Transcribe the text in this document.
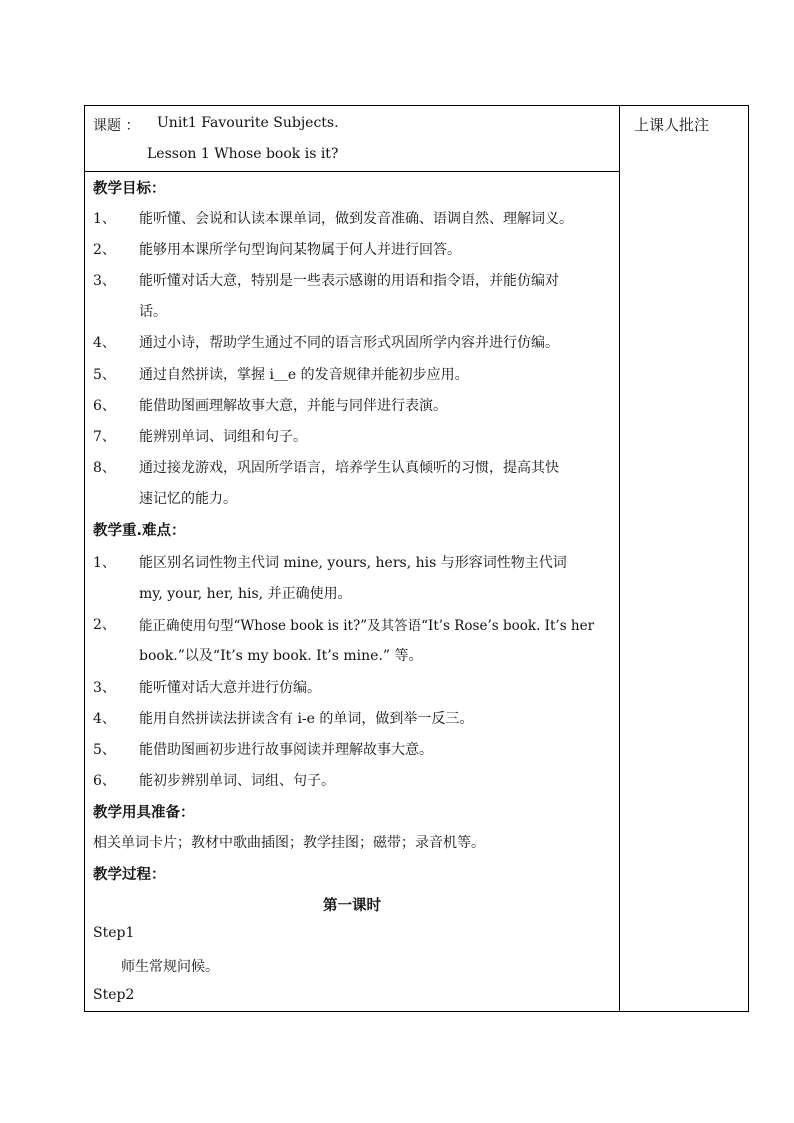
课题 ： Unit1 Favourite Subjects.
Lesson 1 Whose book is it?
教学目标：
1、 能听懂、会说和认读本课单词，做到发音准确、语调自然、理解词义。
2、 能够用本课所学句型询问某物属于何人并进行回答。
3、 能听懂对话大意，特别是一些表示感谢的用语和指令语，并能仿编对
话。
4、 通过小诗，帮助学生通过不同的语言形式巩固所学内容并进行仿编。
5、 通过自然拼读，掌握 i＿e 的发音规律并能初步应用。
6、 能借助图画理解故事大意，并能与同伴进行表演。
7、 能辨别单词、词组和句子。
8、 通过接龙游戏，巩固所学语言，培养学生认真倾听的习惯，提高其快
速记忆的能力。
教学重.难点：
1、 能区别名词性物主代词 mine, yours, hers, his 与形容词性物主代词
my, your, her, his, 并正确使用。
2、 能正确使用句型“Whose book is it?”及其答语“It’s Rose’s book. It’s her
book.”以及“It’s my book. It’s mine.” 等。
3、 能听懂对话大意并进行仿编。
4、 能用自然拼读法拼读含有 i-e 的单词，做到举一反三。
5、 能借助图画初步进行故事阅读并理解故事大意。
6、 能初步辨别单词、词组、句子。
教学用具准备：
相关单词卡片；教材中歌曲插图；教学挂图；磁带；录音机等。
教学过程：
第一课时
Step1
师生常规问候。
Step2
上课人批注
